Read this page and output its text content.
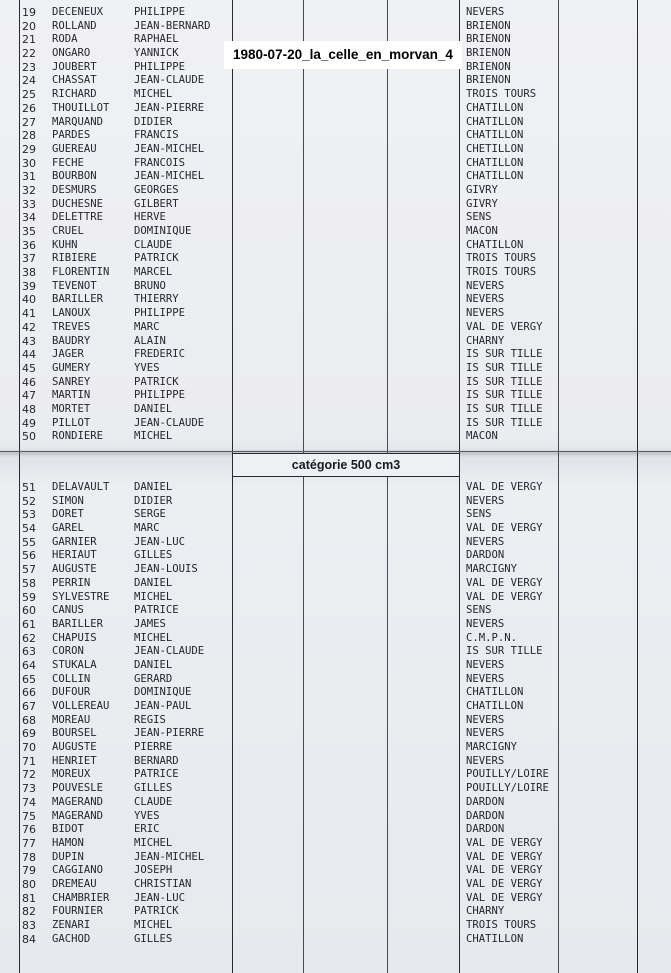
1980-07-20_la_celle_en_morvan_4
catégorie 500 cm3
19	DECENEUX	PHILIPPE	NEVERS
20	ROLLAND	JEAN-BERNARD	BRIENON
21	RODA	RAPHAEL	BRIENON
22	ONGARO	YANNICK	BRIENON
23	JOUBERT	PHILIPPE	BRIENON
24	CHASSAT	JEAN-CLAUDE	BRIENON
25	RICHARD	MICHEL	TROIS TOURS
26	THOUILLOT JEAN-PIERRE	CHATILLON
27	MARQUAND	DIDIER	CHATILLON
28	PARDES	FRANCIS	CHATILLON
29	GUEREAU	JEAN-MICHEL	CHETILLON
30	FECHE	FRANCOIS	CHATILLON
31	BOURBON	JEAN-MICHEL	CHATILLON
32	DESMURS	GEORGES	GIVRY
33	DUCHESNE	GILBERT	GIVRY
34	DELETTRE	HERVE	SENS
35	CRUEL	DOMINIQUE	MACON
36	KUHN	CLAUDE	CHATILLON
37	RIBIERE	PATRICK	TROIS TOURS
38	FLORENTIN MARCEL	TROIS TOURS
39	TEVENOT	BRUNO	NEVERS
40	BARILLER	THIERRY	NEVERS
41	LANOUX	PHILIPPE	NEVERS
42	TREVES	MARC	VAL DE VERGY
43	BAUDRY	ALAIN	CHARNY
44	JAGER	FREDERIC	IS SUR TILLE
45	GUMERY	YVES	IS SUR TILLE
46	SANREY	PATRICK	IS SUR TILLE
47	MARTIN	PHILIPPE	IS SUR TILLE
48	MORTET	DANIEL	IS SUR TILLE
49	PILLOT	JEAN-CLAUDE	IS SUR TILLE
50	RONDIERE	MICHEL	MACON
51	DELAVAULT DANIEL	VAL DE VERGY
52	SIMON	DIDIER	NEVERS
53	DORET	SERGE	SENS
54	GAREL	MARC	VAL DE VERGY
55	GARNIER	JEAN-LUC	NEVERS
56	HERIAUT	GILLES	DARDON
57	AUGUSTE	JEAN-LOUIS	MARCIGNY
58	PERRIN	DANIEL	VAL DE VERGY
59	SYLVESTRE MICHEL	VAL DE VERGY
60	CANUS	PATRICE	SENS
61	BARILLER	JAMES	NEVERS
62	CHAPUIS	MICHEL	C.M.P.N.
63	CORON	JEAN-CLAUDE	IS SUR TILLE
64	STUKALA	DANIEL	NEVERS
65	COLLIN	GERARD	NEVERS
66	DUFOUR	DOMINIQUE	CHATILLON
67	VOLLEREAU JEAN-PAUL	CHATILLON
68	MOREAU	REGIS	NEVERS
69	BOURSEL	JEAN-PIERRE	NEVERS
70	AUGUSTE	PIERRE	MARCIGNY
71	HENRIET	BERNARD	NEVERS
72	MOREUX	PATRICE	POUILLY/LOIRE
73	POUVESLE	GILLES	POUILLY/LOIRE
74	MAGERAND	CLAUDE	DARDON
75	MAGERAND	YVES	DARDON
76	BIDOT	ERIC	DARDON
77	HAMON	MICHEL	VAL DE VERGY
78	DUPIN	JEAN-MICHEL	VAL DE VERGY
79	CAGGIANO	JOSEPH	VAL DE VERGY
80	DREMEAU	CHRISTIAN	VAL DE VERGY
81	CHAMBRIER JEAN-LUC	VAL DE VERGY
82	FOURNIER	PATRICK	CHARNY
83	ZENARI	MICHEL	TROIS TOURS
84	GACHOD	GILLES	CHATILLON
